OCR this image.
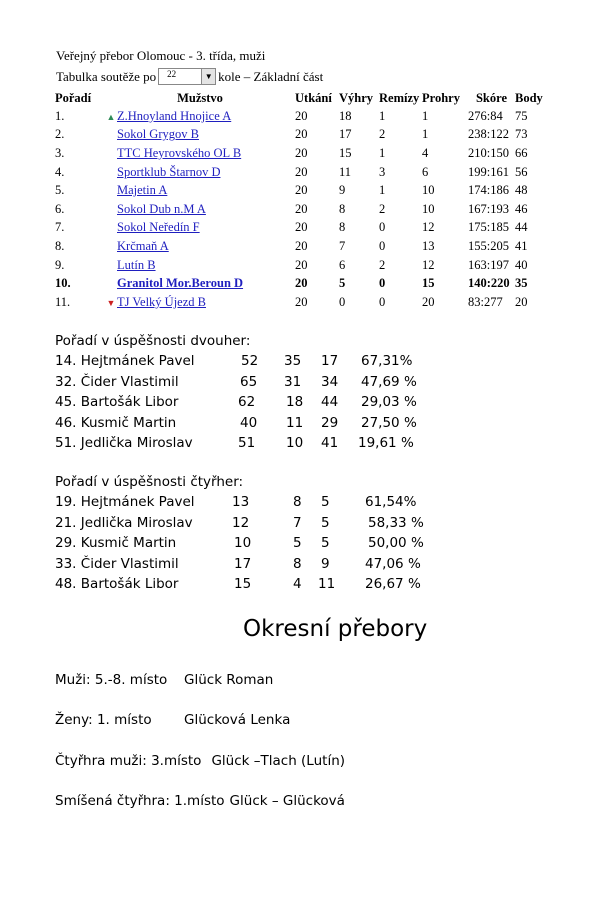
Veřejný přebor Olomouc - 3. třída, muži
Tabulka soutěže po	22	▼ kole – Základní část
Pořadí	Mužstvo	Utkání	Výhry	Remízy	Prohry	Skóre	Body
1.	▲ Z.Hnoyland Hnojice A	20	18	1	1	276:84	75
2.	Sokol Grygov B	20	17	2	1	238:122	73
3.	TTC Heyrovského OL B	20	15	1	4	210:150	66
4.	Sportklub Štarnov D	20	11	3	6	199:161	56
5.	Majetin A	20	9	1	10	174:186	48
6.	Sokol Dub n.M A	20	8	2	10	167:193	46
7.	Sokol Neředín F	20	8	0	12	175:185	44
8.	Krčmaň A	20	7	0	13	155:205	41
9.	Lutín B	20	6	2	12	163:197	40
10.	Granitol Mor.Beroun D	20	5	0	15	140:220	35
11.	▼ TJ Velký Újezd B	20	0	0	20	83:277	20
Pořadí v úspěšnosti dvouher:
14. Hejtmánek Pavel	52 35 17 67,31%
32. Čider Vlastimil	65 31 34 47,69 %
45. Bartošák Libor	62 18 44 29,03 %
46. Kusmič Martin	40 11 29 27,50 %
51. Jedlička Miroslav	51 10 41 19,61 %
Pořadí v úspěšnosti čtyřher:
19. Hejtmánek Pavel	13	8 5	61,54%
21. Jedlička Miroslav	12	7 5	58,33 %
29. Kusmič Martin	10	5 5	50,00 %
33. Čider Vlastimil	17	8 9	47,06 %
48. Bartošák Libor	15	4 11 26,67 %
Okresní přebory
Muži: 5.-8. místo Glück Roman
Ženy: 1. místo Glücková Lenka
Čtyřhra muži: 3.místo Glück –Tlach (Lutín)
Smíšená čtyřhra: 1.místo Glück – Glücková
